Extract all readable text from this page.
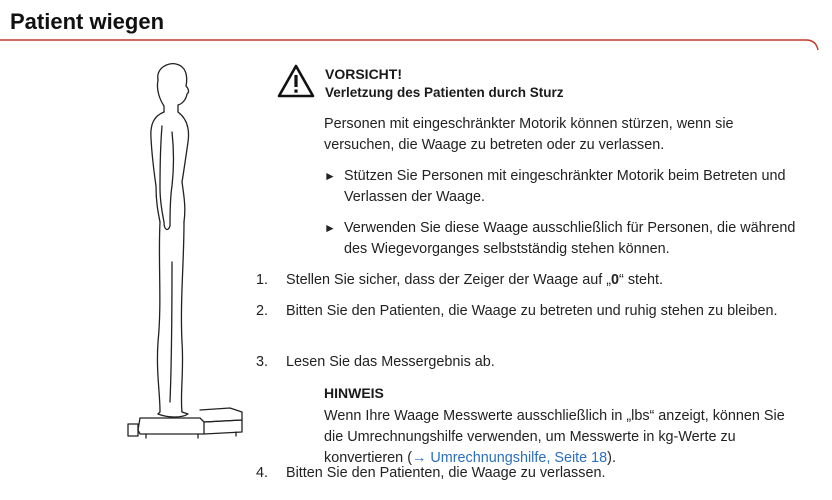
Patient wiegen
VORSICHT!
Verletzung des Patienten durch Sturz

Personen mit eingeschränkter Motorik können stürzen, wenn sie versuchen, die Waage zu betreten oder zu verlassen.

► Stützen Sie Personen mit eingeschränkter Motorik beim Betreten und Verlassen der Waage.

► Verwenden Sie diese Waage ausschließlich für Personen, die während des Wiegevorganges selbstständig stehen können.

1.	Stellen Sie sicher, dass der Zeiger der Waage auf „0“ steht.

2.	Bitten Sie den Patienten, die Waage zu betreten und ruhig stehen zu bleiben.

3.	Lesen Sie das Messergebnis ab.

HINWEIS

Wenn Ihre Waage Messwerte ausschließlich in „lbs“ anzeigt, können Sie die Umrechnungshilfe verwenden, um Messwerte in kg-Werte zu konvertieren (→ Umrechnungshilfe, Seite 18).

4.	Bitten Sie den Patienten, die Waage zu verlassen.
